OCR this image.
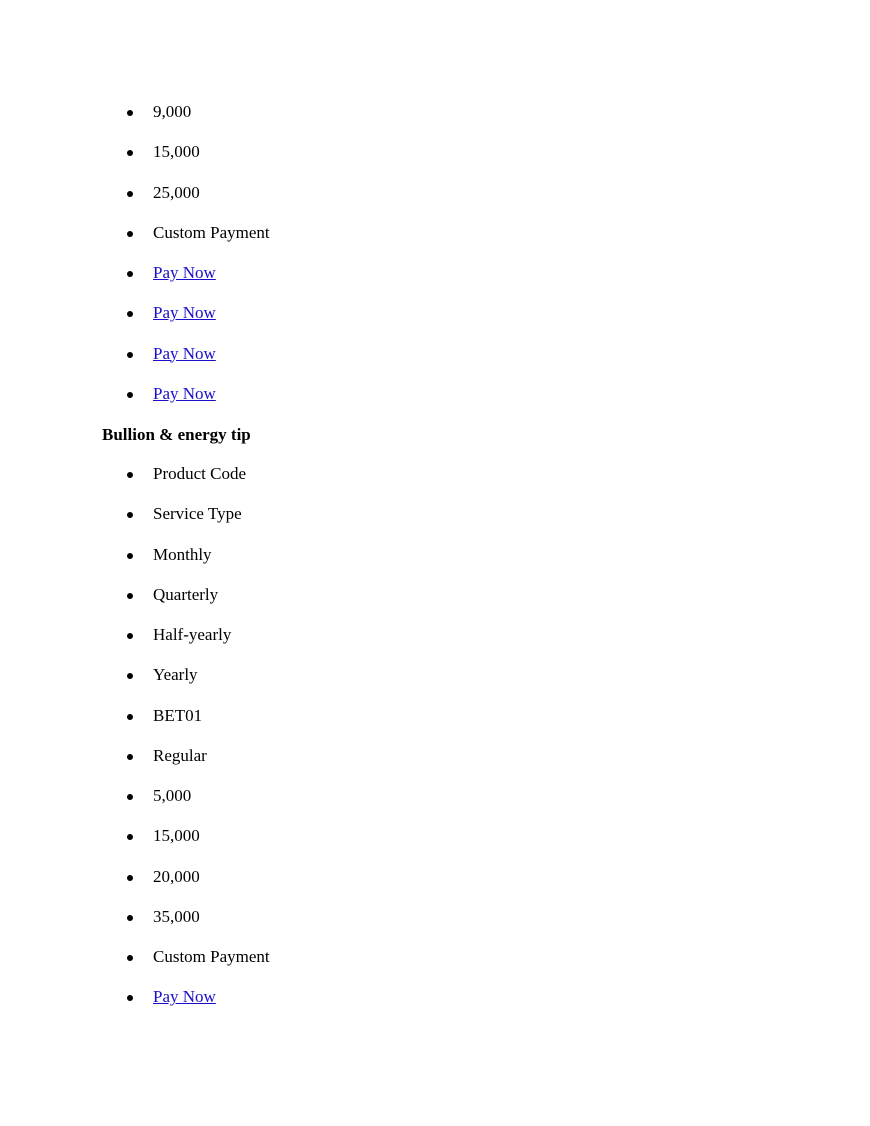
9,000
15,000
25,000
Custom Payment
Pay Now
Pay Now
Pay Now
Pay Now
Bullion & energy tip
Product Code
Service Type
Monthly
Quarterly
Half-yearly
Yearly
BET01
Regular
5,000
15,000
20,000
35,000
Custom Payment
Pay Now
